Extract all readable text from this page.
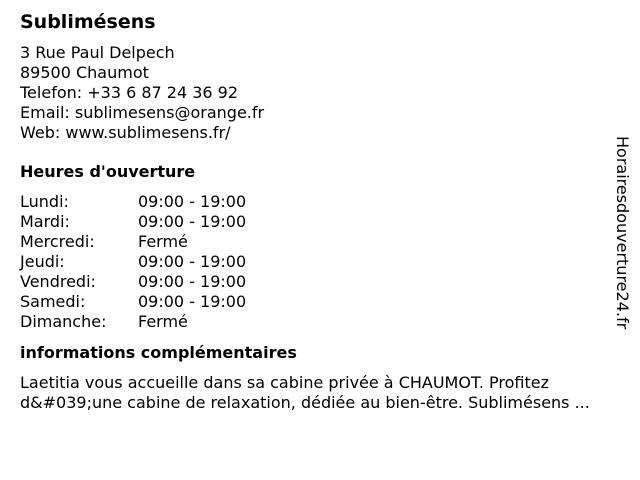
Sublimésens
3 Rue Paul Delpech
89500 Chaumot
Telefon: +33 6 87 24 36 92
Email: sublimesens@orange.fr
Web: www.sublimesens.fr/
Heures d'ouverture
Lundi:	09:00 - 19:00
Mardi:	09:00 - 19:00
Mercredi:	Fermé
Jeudi:	09:00 - 19:00
Vendredi:	09:00 - 19:00
Samedi:	09:00 - 19:00
Dimanche:	Fermé
informations complémentaires
Laetitia vous accueille dans sa cabine privée à CHAUMOT. Profitez d&#039;une cabine de relaxation, dédiée au bien-être. Sublimésens ...
Horairesdouverture24.fr
